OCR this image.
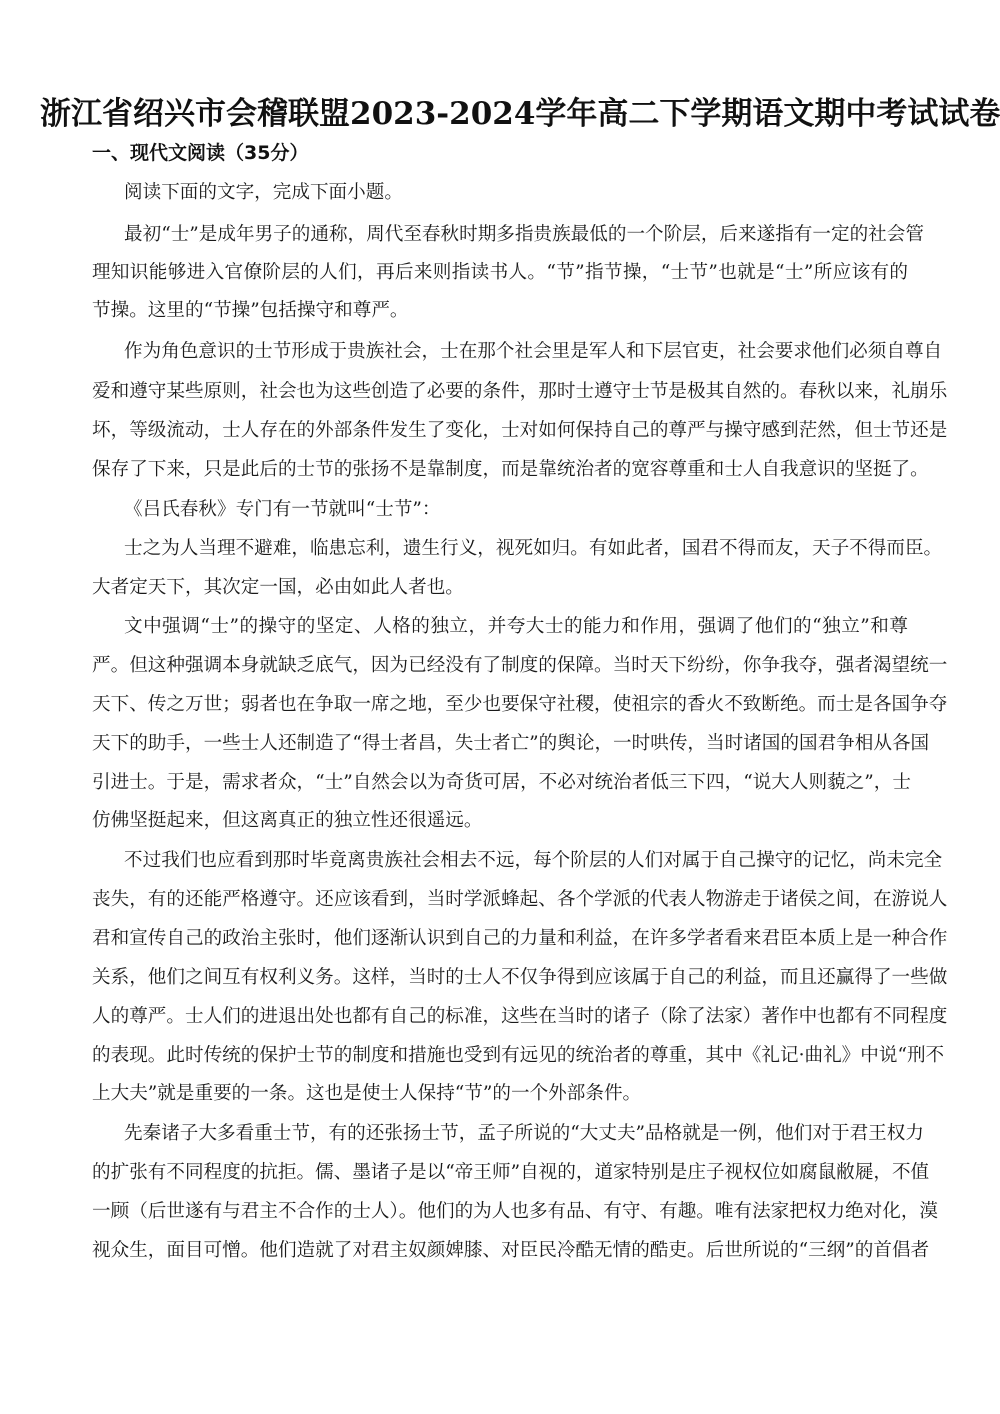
浙江省绍兴市会稽联盟2023-2024学年高二下学期语文期中考试试卷
一、现代文阅读（35分）
阅读下面的文字，完成下面小题。
最初“士”是成年男子的通称，周代至春秋时期多指贵族最低的一个阶层，后来遂指有一定的社会管
理知识能够进入官僚阶层的人们，再后来则指读书人。“节”指节操，“士节”也就是“士”所应该有的
节操。这里的“节操”包括操守和尊严。
作为角色意识的士节形成于贵族社会，士在那个社会里是军人和下层官吏，社会要求他们必须自尊自
爱和遵守某些原则，社会也为这些创造了必要的条件，那时士遵守士节是极其自然的。春秋以来，礼崩乐
坏，等级流动，士人存在的外部条件发生了变化，士对如何保持自己的尊严与操守感到茫然，但士节还是
保存了下来，只是此后的士节的张扬不是靠制度，而是靠统治者的宽容尊重和士人自我意识的坚挺了。
《吕氏春秋》专门有一节就叫“士节”：
士之为人当理不避难，临患忘利，遗生行义，视死如归。有如此者，国君不得而友，天子不得而臣。
大者定天下，其次定一国，必由如此人者也。
文中强调“士”的操守的坚定、人格的独立，并夸大士的能力和作用，强调了他们的“独立”和尊
严。但这种强调本身就缺乏底气，因为已经没有了制度的保障。当时天下纷纷，你争我夺，强者渴望统一
天下、传之万世；弱者也在争取一席之地，至少也要保守社稷，使祖宗的香火不致断绝。而士是各国争夺
天下的助手，一些士人还制造了“得士者昌，失士者亡”的舆论，一时哄传，当时诸国的国君争相从各国
引进士。于是，需求者众，“士”自然会以为奇货可居，不必对统治者低三下四，“说大人则藐之”，士
仿佛坚挺起来，但这离真正的独立性还很遥远。
不过我们也应看到那时毕竟离贵族社会相去不远，每个阶层的人们对属于自己操守的记忆，尚未完全
丧失，有的还能严格遵守。还应该看到，当时学派蜂起、各个学派的代表人物游走于诸侯之间，在游说人
君和宣传自己的政治主张时，他们逐渐认识到自己的力量和利益，在许多学者看来君臣本质上是一种合作
关系，他们之间互有权利义务。这样，当时的士人不仅争得到应该属于自己的利益，而且还赢得了一些做
人的尊严。士人们的进退出处也都有自己的标准，这些在当时的诸子（除了法家）著作中也都有不同程度
的表现。此时传统的保护士节的制度和措施也受到有远见的统治者的尊重，其中《礼记·曲礼》中说“刑不
上大夫”就是重要的一条。这也是使士人保持“节”的一个外部条件。
先秦诸子大多看重士节，有的还张扬士节，孟子所说的“大丈夫”品格就是一例，他们对于君王权力
的扩张有不同程度的抗拒。儒、墨诸子是以“帝王师”自视的，道家特别是庄子视权位如腐鼠敝屣，不值
一顾（后世遂有与君主不合作的士人）。他们的为人也多有品、有守、有趣。唯有法家把权力绝对化，漠
视众生，面目可憎。他们造就了对君主奴颜婢膝、对臣民冷酷无情的酷吏。后世所说的“三纲”的首倡者
